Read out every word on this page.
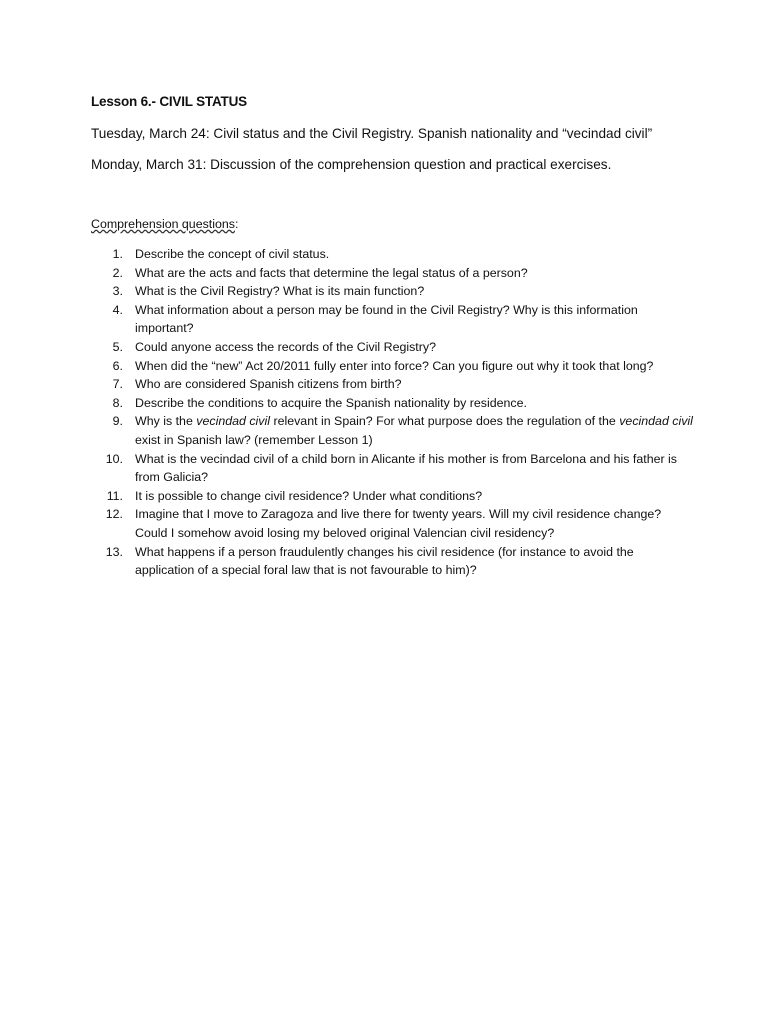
Lesson 6.- CIVIL STATUS
Tuesday, March 24: Civil status and the Civil Registry. Spanish nationality and “vecindad civil”
Monday, March 31: Discussion of the comprehension question and practical exercises.
Comprehension questions:
1. Describe the concept of civil status.
2. What are the acts and facts that determine the legal status of a person?
3. What is the Civil Registry? What is its main function?
4. What information about a person may be found in the Civil Registry? Why is this information important?
5. Could anyone access the records of the Civil Registry?
6. When did the “new” Act 20/2011 fully enter into force? Can you figure out why it took that long?
7. Who are considered Spanish citizens from birth?
8. Describe the conditions to acquire the Spanish nationality by residence.
9. Why is the vecindad civil relevant in Spain? For what purpose does the regulation of the vecindad civil exist in Spanish law? (remember Lesson 1)
10. What is the vecindad civil of a child born in Alicante if his mother is from Barcelona and his father is from Galicia?
11. It is possible to change civil residence? Under what conditions?
12. Imagine that I move to Zaragoza and live there for twenty years. Will my civil residence change? Could I somehow avoid losing my beloved original Valencian civil residency?
13. What happens if a person fraudulently changes his civil residence (for instance to avoid the application of a special foral law that is not favourable to him)?
